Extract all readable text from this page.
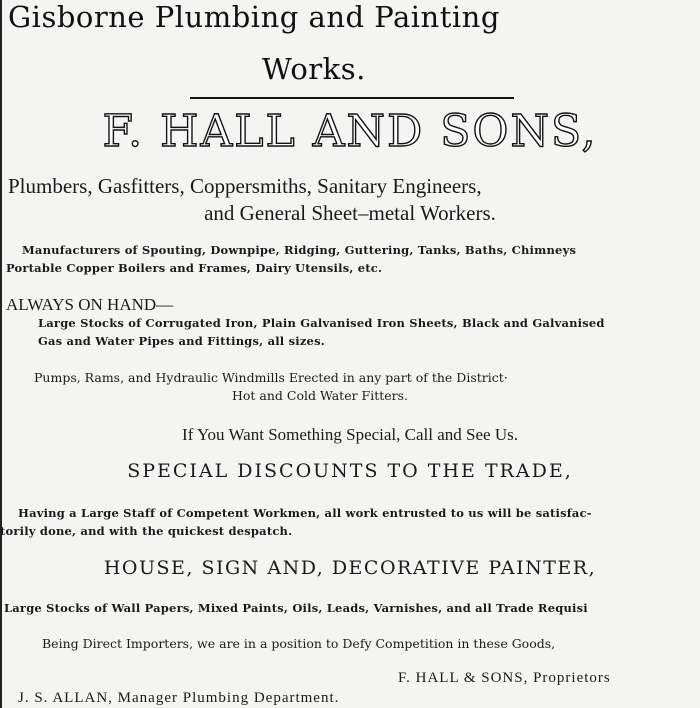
Gisborne Plumbing and Painting
Works.
F. HALL AND SONS,
Plumbers, Gasfitters, Coppersmiths, Sanitary Engineers,
and General Sheet–metal Workers.
Manufacturers of Spouting, Downpipe, Ridging, Guttering, Tanks, Baths, Chimneys
Portable Copper Boilers and Frames, Dairy Utensils, etc.
ALWAYS ON HAND—
Large Stocks of Corrugated Iron, Plain Galvanised Iron Sheets, Black and Galvanised
Gas and Water Pipes and Fittings, all sizes.
Pumps, Rams, and Hydraulic Windmills Erected in any part of the District·
Hot and Cold Water Fitters.
If You Want Something Special, Call and See Us.
SPECIAL DISCOUNTS TO THE TRADE,
Having a Large Staff of Competent Workmen, all work entrusted to us will be satisfac-
torily done, and with the quickest despatch.
HOUSE, SIGN AND, DECORATIVE PAINTER,
Large Stocks of Wall Papers, Mixed Paints, Oils, Leads, Varnishes, and all Trade Requisi
Being Direct Importers, we are in a position to Defy Competition in these Goods,
F. HALL & SONS, Proprietors
J. S. ALLAN, Manager Plumbing Department.
